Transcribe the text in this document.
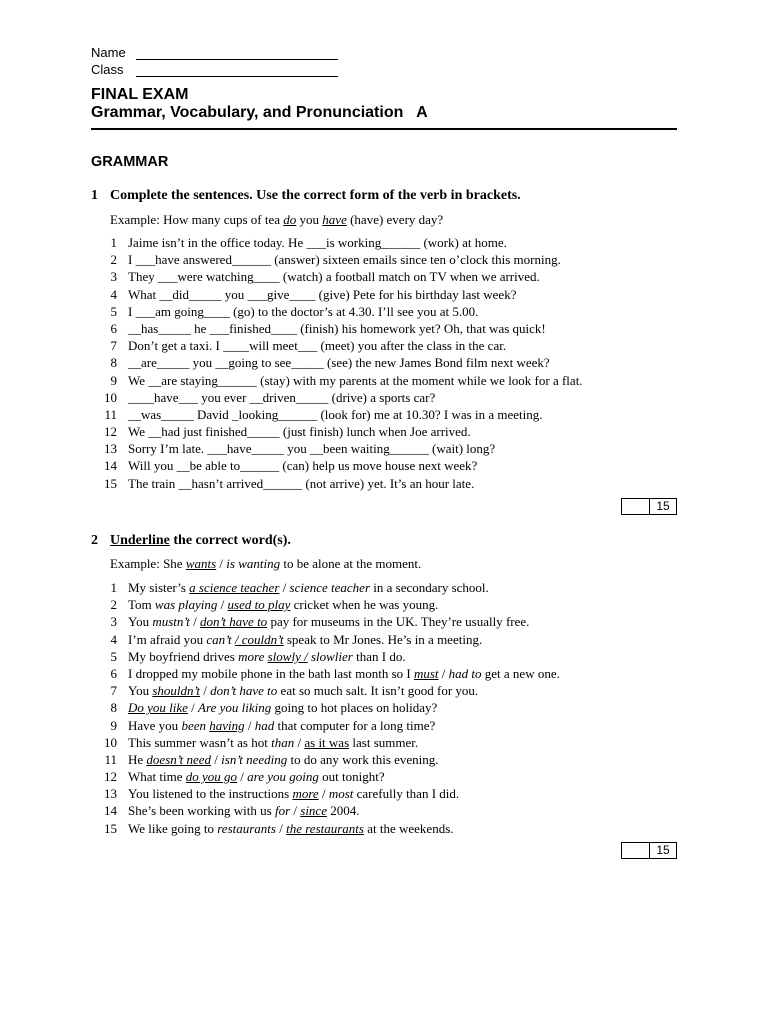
Name
Class
FINAL EXAM
Grammar, Vocabulary, and Pronunciation   A
GRAMMAR
1 Complete the sentences. Use the correct form of the verb in brackets.
Example: How many cups of tea do you have (have) every day?
1 Jaime isn’t in the office today. He ___is working______ (work) at home.
2 I ___have answered______ (answer) sixteen emails since ten o’clock this morning.
3 They ___were watching____ (watch) a football match on TV when we arrived.
4 What __did_____ you ___give____ (give) Pete for his birthday last week?
5 I ___am going____ (go) to the doctor’s at 4.30. I’ll see you at 5.00.
6 __has_____ he ___finished____ (finish) his homework yet? Oh, that was quick!
7 Don’t get a taxi. I ____will meet___ (meet) you after the class in the car.
8 __are_____ you __going to see_____ (see) the new James Bond film next week?
9 We __are staying______ (stay) with my parents at the moment while we look for a flat.
10 ____have___ you ever __driven_____ (drive) a sports car?
11 __was_____ David _looking______ (look for) me at 10.30? I was in a meeting.
12 We __had just finished_____ (just finish) lunch when Joe arrived.
13 Sorry I’m late. ___have_____ you __been waiting______ (wait) long?
14 Will you __be able to______ (can) help us move house next week?
15 The train __hasn’t arrived______ (not arrive) yet. It’s an hour late.
15
2 Underline the correct word(s).
Example: She wants / is wanting to be alone at the moment.
1 My sister’s a science teacher / science teacher in a secondary school.
2 Tom was playing / used to play cricket when he was young.
3 You mustn’t / don’t have to pay for museums in the UK. They’re usually free.
4 I’m afraid you can’t / couldn’t speak to Mr Jones. He’s in a meeting.
5 My boyfriend drives more slowly / slowlier than I do.
6 I dropped my mobile phone in the bath last month so I must / had to get a new one.
7 You shouldn’t / don’t have to eat so much salt. It isn’t good for you.
8 Do you like / Are you liking going to hot places on holiday?
9 Have you been having / had that computer for a long time?
10 This summer wasn’t as hot than / as it was last summer.
11 He doesn’t need / isn’t needing to do any work this evening.
12 What time do you go / are you going out tonight?
13 You listened to the instructions more / most carefully than I did.
14 She’s been working with us for / since 2004.
15 We like going to restaurants / the restaurants at the weekends.
15
